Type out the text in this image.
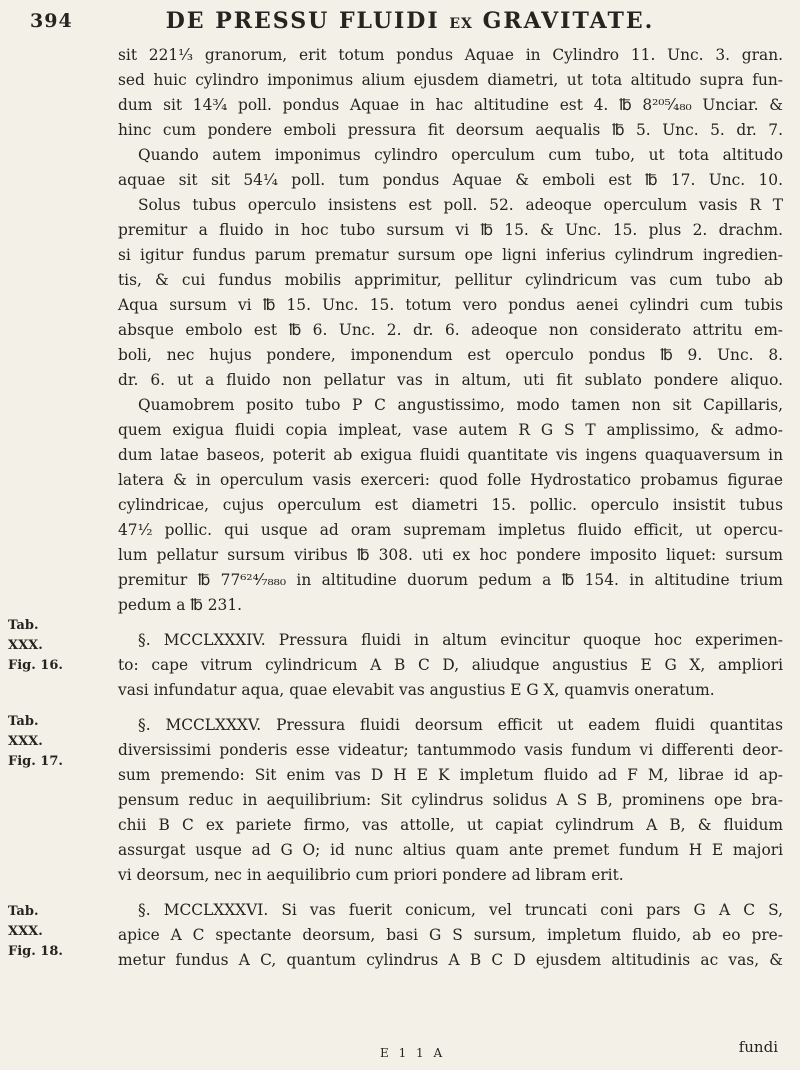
394	DE PRESSU FLUIDI EX GRAVITATE.
sit 221¹⁄₃ granorum, erit totum pondus Aquae in Cylindro 11. Unc. 3. gran.
sed huic cylindro imponimus alium ejusdem diametri, ut tota altitudo supra fun-
dum sit 14³⁄₄ poll. pondus Aquae in hac altitudine est 4. ℔ 8²⁰⁵⁄₄₈₀ Unciar. &
hinc cum pondere emboli pressura fit deorsum aequalis ℔ 5. Unc. 5. dr. 7.
Quando autem imponimus cylindro operculum cum tubo, ut tota altitudo
aquae sit sit 54¹⁄₄ poll. tum pondus Aquae & emboli est ℔ 17. Unc. 10.
Solus tubus operculo insistens est poll. 52. adeoque operculum vasis R T
premitur a fluido in hoc tubo sursum vi ℔ 15. & Unc. 15. plus 2. drachm.
si igitur fundus parum prematur sursum ope ligni inferius cylindrum ingredien-
tis, & cui fundus mobilis apprimitur, pellitur cylindricum vas cum tubo ab
Aqua sursum vi ℔ 15. Unc. 15. totum vero pondus aenei cylindri cum tubis
absque embolo est ℔ 6. Unc. 2. dr. 6. adeoque non considerato attritu em-
boli, nec hujus pondere, imponendum est operculo pondus ℔ 9. Unc. 8.
dr. 6. ut a fluido non pellatur vas in altum, uti fit sublato pondere aliquo.
Quamobrem posito tubo P C angustissimo, modo tamen non sit Capillaris,
quem exigua fluidi copia impleat, vase autem R G S T amplissimo, & admo-
dum latae baseos, poterit ab exigua fluidi quantitate vis ingens quaquaversum in
latera & in operculum vasis exerceri: quod folle Hydrostatico probamus figurae
cylindricae, cujus operculum est diametri 15. pollic. operculo insistit tubus
47¹⁄₂ pollic. qui usque ad oram supremam impletus fluido efficit, ut opercu-
lum pellatur sursum viribus ℔ 308. uti ex hoc pondere imposito liquet: sursum
premitur ℔ 77⁶²⁴⁄₇₈₈₀ in altitudine duorum pedum a ℔ 154. in altitudine trium
pedum a ℔ 231.
§. MCCLXXXIV. Pressura fluidi in altum evincitur quoque hoc experimen-
to: cape vitrum cylindricum A B C D, aliudque angustius E G X, ampliori
vasi infundatur aqua, quae elevabit vas angustius E G X, quamvis oneratum.
§. MCCLXXXV. Pressura fluidi deorsum efficit ut eadem fluidi quantitas
diversissimi ponderis esse videatur; tantummodo vasis fundum vi differenti deor-
sum premendo: Sit enim vas D H E K impletum fluido ad F M, librae id ap-
pensum reduc in aequilibrium: Sit cylindrus solidus A S B, prominens ope bra-
chii B C ex pariete firmo, vas attolle, ut capiat cylindrum A B, & fluidum
assurgat usque ad G O; id nunc altius quam ante premet fundum H E majori
vi deorsum, nec in aequilibrio cum priori pondere ad libram erit.
§. MCCLXXXVI. Si vas fuerit conicum, vel truncati coni pars G A C S,
apice A C spectante deorsum, basi G S sursum, impletum fluido, ab eo pre-
metur fundus A C, quantum cylindrus A B C D ejusdem altitudinis ac vas, &
Tab.
XXX.
Fig. 16.
Tab.
XXX.
Fig. 17.
Tab.
XXX.
Fig. 18.
E 1 1 A	fundi
